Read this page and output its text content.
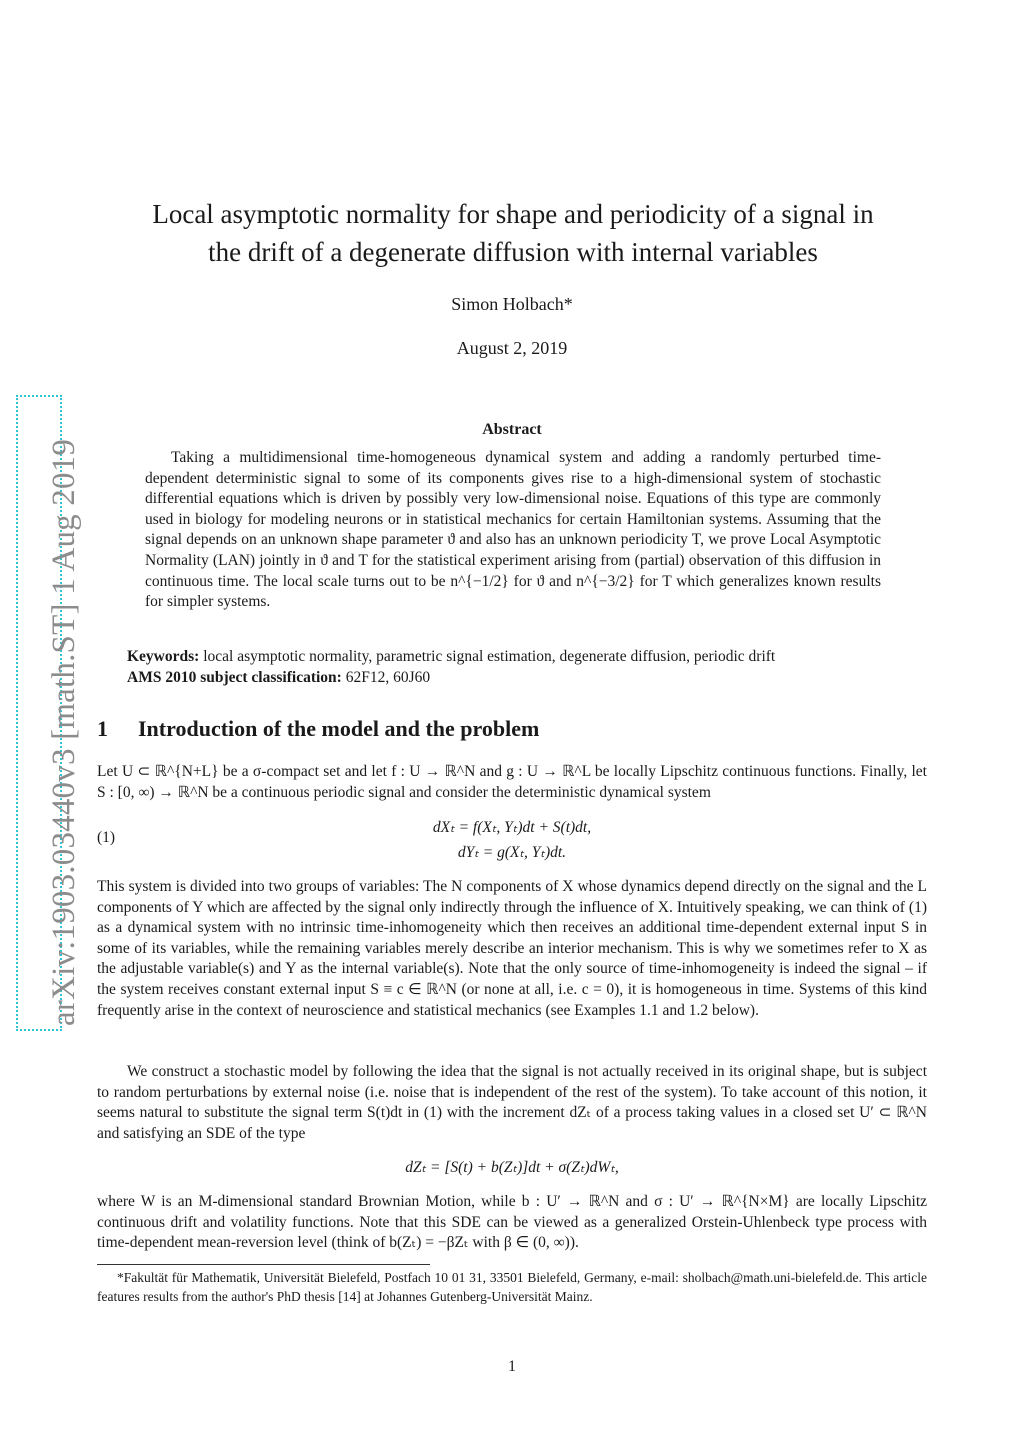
arXiv:1903.03440v3 [math.ST] 1 Aug 2019
Local asymptotic normality for shape and periodicity of a signal in
the drift of a degenerate diffusion with internal variables
Simon Holbach*
August 2, 2019
Abstract
Taking a multidimensional time-homogeneous dynamical system and adding a randomly perturbed time-dependent deterministic signal to some of its components gives rise to a high-dimensional system of stochastic differential equations which is driven by possibly very low-dimensional noise. Equations of this type are commonly used in biology for modeling neurons or in statistical mechanics for certain Hamiltonian systems. Assuming that the signal depends on an unknown shape parameter ϑ and also has an unknown periodicity T, we prove Local Asymptotic Normality (LAN) jointly in ϑ and T for the statistical experiment arising from (partial) observation of this diffusion in continuous time. The local scale turns out to be n^{−1/2} for ϑ and n^{−3/2} for T which generalizes known results for simpler systems.
Keywords: local asymptotic normality, parametric signal estimation, degenerate diffusion, periodic drift
AMS 2010 subject classification: 62F12, 60J60
1 Introduction of the model and the problem
Let U ⊂ ℝ^{N+L} be a σ-compact set and let f : U → ℝ^N and g : U → ℝ^L be locally Lipschitz continuous functions. Finally, let S : [0, ∞) → ℝ^N be a continuous periodic signal and consider the deterministic dynamical system
(1)
dXₜ = f(Xₜ, Yₜ)dt + S(t)dt,
dYₜ = g(Xₜ, Yₜ)dt.
This system is divided into two groups of variables: The N components of X whose dynamics depend directly on the signal and the L components of Y which are affected by the signal only indirectly through the influence of X. Intuitively speaking, we can think of (1) as a dynamical system with no intrinsic time-inhomogeneity which then receives an additional time-dependent external input S in some of its variables, while the remaining variables merely describe an interior mechanism. This is why we sometimes refer to X as the adjustable variable(s) and Y as the internal variable(s). Note that the only source of time-inhomogeneity is indeed the signal – if the system receives constant external input S ≡ c ∈ ℝ^N (or none at all, i.e. c = 0), it is homogeneous in time. Systems of this kind frequently arise in the context of neuroscience and statistical mechanics (see Examples 1.1 and 1.2 below).
We construct a stochastic model by following the idea that the signal is not actually received in its original shape, but is subject to random perturbations by external noise (i.e. noise that is independent of the rest of the system). To take account of this notion, it seems natural to substitute the signal term S(t)dt in (1) with the increment dZₜ of a process taking values in a closed set U′ ⊂ ℝ^N and satisfying an SDE of the type
dZₜ = [S(t) + b(Zₜ)]dt + σ(Zₜ)dWₜ,
where W is an M-dimensional standard Brownian Motion, while b : U′ → ℝ^N and σ : U′ → ℝ^{N×M} are locally Lipschitz continuous drift and volatility functions. Note that this SDE can be viewed as a generalized Orstein-Uhlenbeck type process with time-dependent mean-reversion level (think of b(Zₜ) = −βZₜ with β ∈ (0, ∞)).
*Fakultät für Mathematik, Universität Bielefeld, Postfach 10 01 31, 33501 Bielefeld, Germany, e-mail: sholbach@math.uni-bielefeld.de. This article features results from the author's PhD thesis [14] at Johannes Gutenberg-Universität Mainz.
1
